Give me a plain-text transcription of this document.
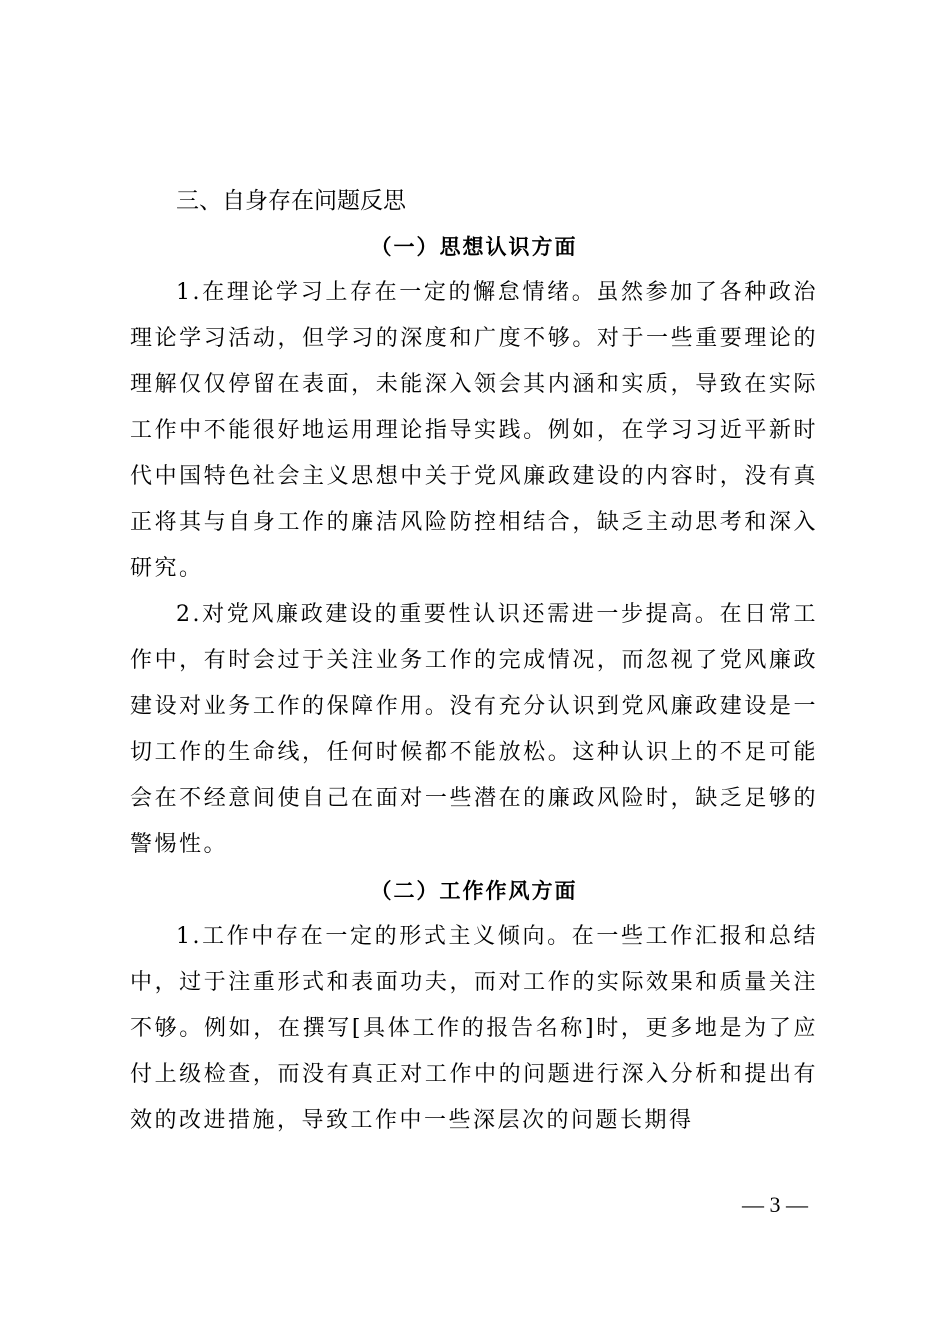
三、自身存在问题反思
（一）思想认识方面

1.在理论学习上存在一定的懈怠情绪。虽然参加了各种政治理论学习活动，但学习的深度和广度不够。对于一些重要理论的理解仅仅停留在表面，未能深入领会其内涵和实质，导致在实际工作中不能很好地运用理论指导实践。例如，在学习习近平新时代中国特色社会主义思想中关于党风廉政建设的内容时，没有真正将其与自身工作的廉洁风险防控相结合，缺乏主动思考和深入研究。

2.对党风廉政建设的重要性认识还需进一步提高。在日常工作中，有时会过于关注业务工作的完成情况，而忽视了党风廉政建设对业务工作的保障作用。没有充分认识到党风廉政建设是一切工作的生命线，任何时候都不能放松。这种认识上的不足可能会在不经意间使自己在面对一些潜在的廉政风险时，缺乏足够的警惕性。

（二）工作作风方面

1.工作中存在一定的形式主义倾向。在一些工作汇报和总结中，过于注重形式和表面功夫，而对工作的实际效果和质量关注不够。例如，在撰写[具体工作的报告名称]时，更多地是为了应付上级检查，而没有真正对工作中的问题进行深入分析和提出有效的改进措施，导致工作中一些深层次的问题长期得

— 3 —
